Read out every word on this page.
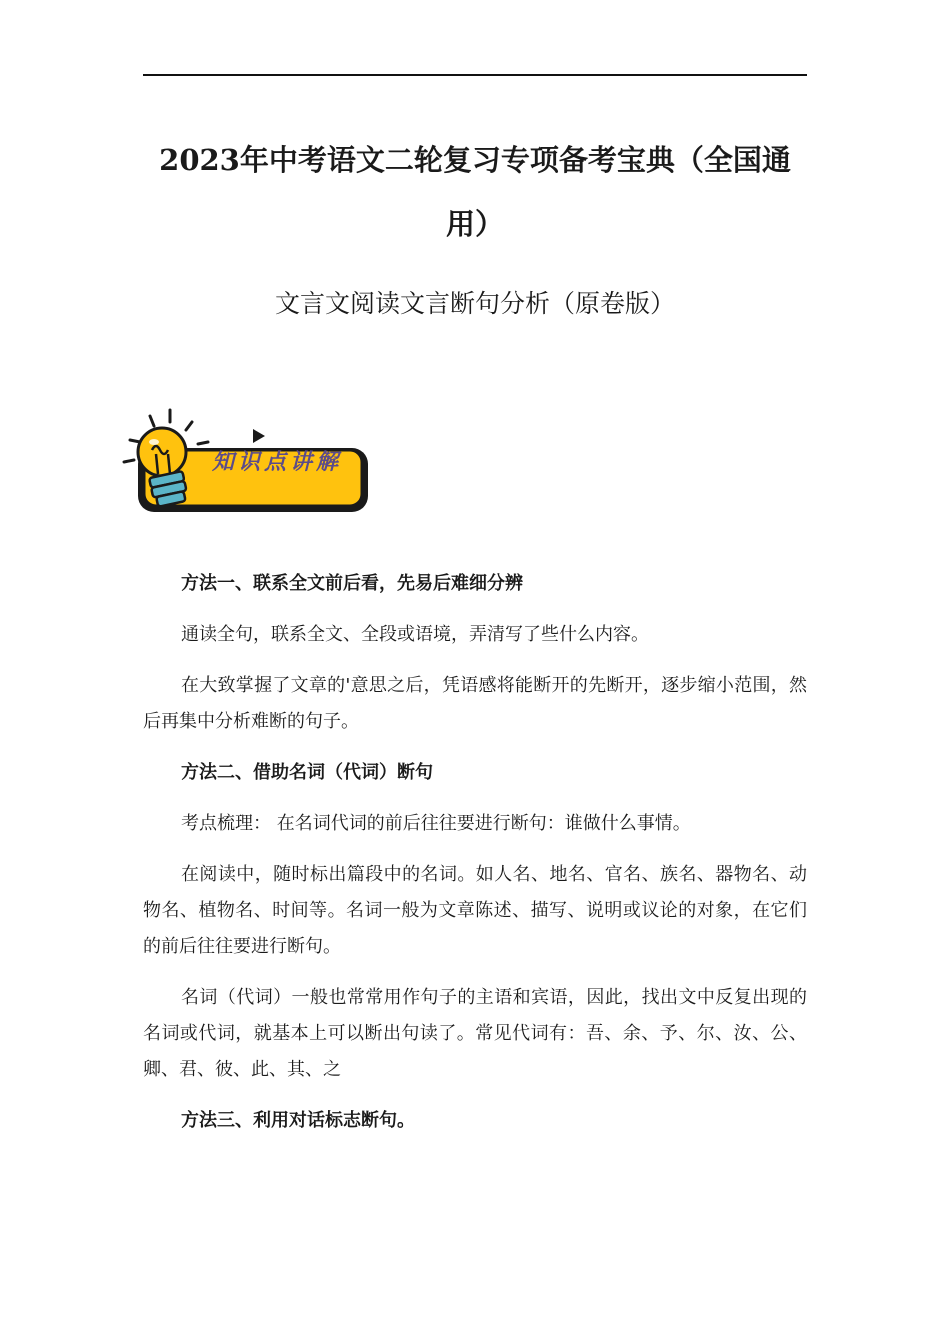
2023年中考语文二轮复习专项备考宝典（全国通用）
文言文阅读文言断句分析（原卷版）
知识点讲解

方法一、联系全文前后看，先易后难细分辨

通读全句，联系全文、全段或语境，弄清写了些什么内容。

在大致掌握了文章的'意思之后，凭语感将能断开的先断开，逐步缩小范围，然后再集中分析难断的句子。

方法二、借助名词（代词）断句

考点梳理： 在名词代词的前后往往要进行断句：谁做什么事情。

在阅读中，随时标出篇段中的名词。如人名、地名、官名、族名、器物名、动物名、植物名、时间等。名词一般为文章陈述、描写、说明或议论的对象，在它们的前后往往要进行断句。

名词（代词）一般也常常用作句子的主语和宾语，因此，找出文中反复出现的名词或代词，就基本上可以断出句读了。常见代词有：吾、余、予、尔、汝、公、卿、君、彼、此、其、之

方法三、利用对话标志断句。
